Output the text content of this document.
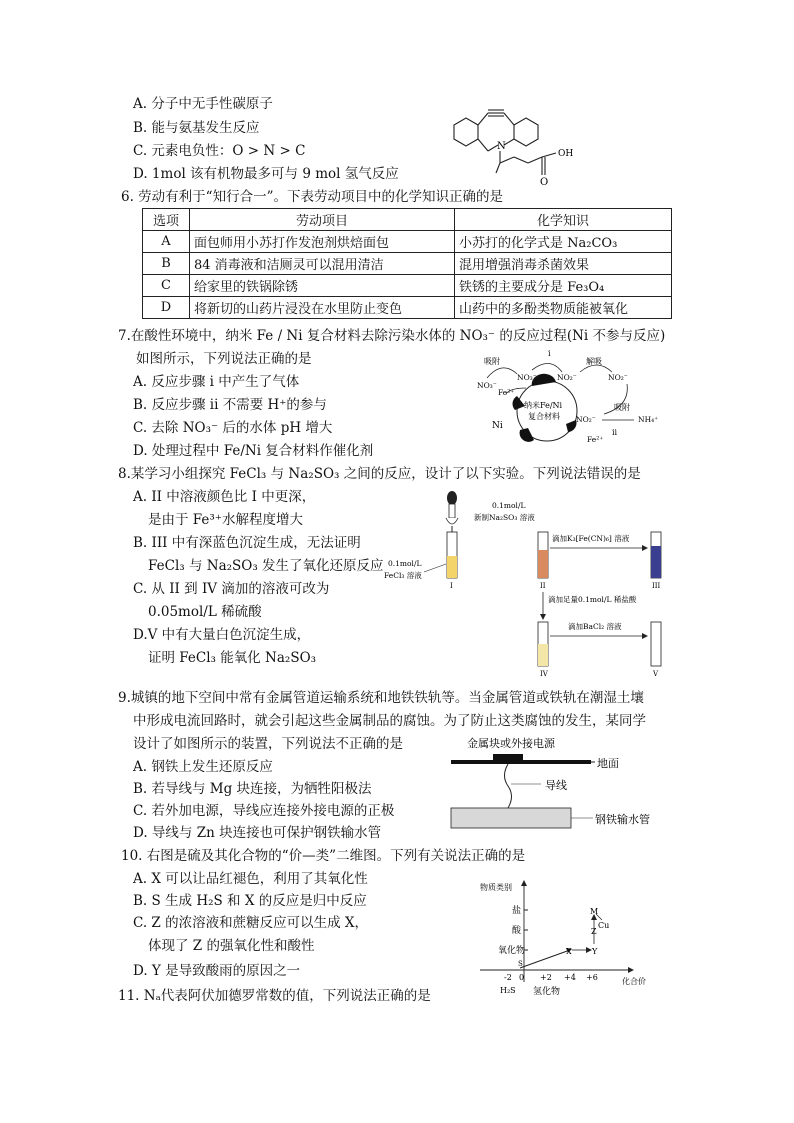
A. 分子中无手性碳原子
B. 能与氨基发生反应
C. 元素电负性：O > N > C
D. 1mol 该有机物最多可与 9 mol 氢气反应
N
O
OH
6. 劳动有利于“知行合一”。下表劳动项目中的化学知识正确的是
选项	劳动项目	化学知识
A	面包师用小苏打作发泡剂烘焙面包	小苏打的化学式是 Na₂CO₃
B	84 消毒液和洁厕灵可以混用清洁	混用增强消毒杀菌效果
C	给家里的铁锅除锈	铁锈的主要成分是 Fe₃O₄
D	将新切的山药片浸没在水里防止变色	山药中的多酚类物质能被氧化
7.在酸性环境中，纳米 Fe / Ni 复合材料去除污染水体的 NO₃⁻ 的反应过程(Ni 不参与反应)
如图所示，下列说法正确的是
A. 反应步骤 i 中产生了气体
B. 反应步骤 ii 不需要 H⁺的参与
C. 去除 NO₃⁻ 后的水体 pH 增大
D. 处理过程中 Fe/Ni 复合材料作催化剂
纳米Fe/Ni
复合材料
NO₃⁻
NO₃⁻	NO₂⁻	NO₂⁻
NO₂⁻
Fe²⁺
Fe²⁺
NH₄⁺
Ni
吸附
i
解吸
吸附
ii
8.某学习小组探究 FeCl₃ 与 Na₂SO₃ 之间的反应，设计了以下实验。下列说法错误的是
A. II 中溶液颜色比 I 中更深，
是由于 Fe³⁺水解程度增大
B. III 中有深蓝色沉淀生成，无法证明
FeCl₃ 与 Na₂SO₃ 发生了氧化还原反应
C. 从 II 到 IV 滴加的溶液可改为
0.05mol/L 稀硫酸
D.V 中有大量白色沉淀生成，
证明 FeCl₃ 能氧化 Na₂SO₃
0.1mol/L
新制Na₂SO₃ 溶液
0.1mol/L
FeCl₃ 溶液
I	II
滴加K₃[Fe(CN)₆] 溶液
III
滴加足量0.1mol/L 稀盐酸
IV
滴加BaCl₂ 溶液
V
9.城镇的地下空间中常有金属管道运输系统和地铁铁轨等。当金属管道或铁轨在潮湿土壤
中形成电流回路时，就会引起这些金属制品的腐蚀。为了防止这类腐蚀的发生，某同学
设计了如图所示的装置，下列说法不正确的是
A. 钢铁上发生还原反应
B. 若导线与 Mg 块连接，为牺牲阳极法
C. 若外加电源，导线应连接外接电源的正极
D. 导线与 Zn 块连接也可保护钢铁输水管
金属块或外接电源
地面
导线
钢铁输水管
10. 右图是硫及其化合物的“价—类”二维图。下列有关说法正确的是
A. X 可以让品红褪色，利用了其氧化性
B. S 生成 H₂S 和 X 的反应是归中反应
C. Z 的浓溶液和蔗糖反应可以生成 X，
体现了 Z 的强氧化性和酸性
D. Y 是导致酸雨的原因之一
物质类别
化合价
盐
酸
氧化物
氢化物
-2 0 +2 +4 +6
X	Y
Z
M
Cu
S
H₂S
11. Nₐ代表阿伏加德罗常数的值，下列说法正确的是
